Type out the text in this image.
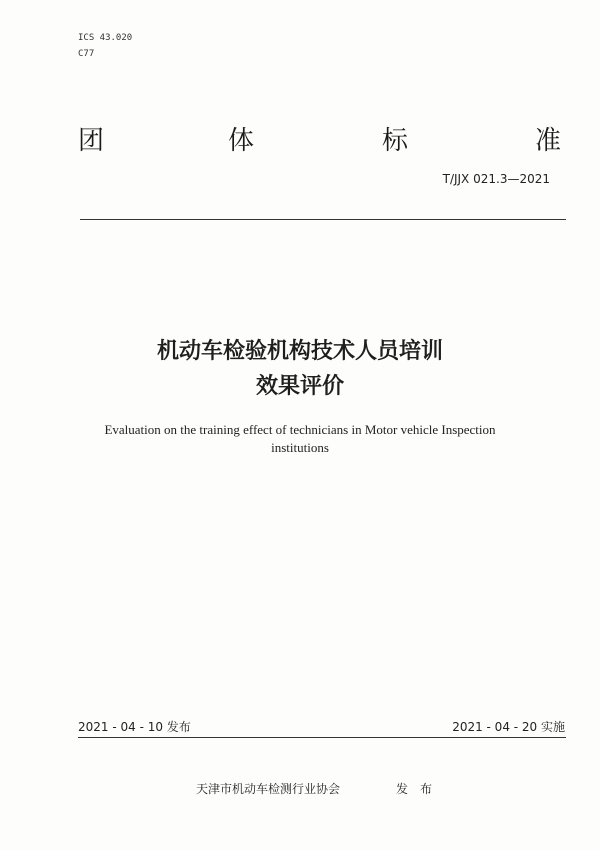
ICS 43.020
C77
团	体	标	准
T/JJX 021.3—2021
机动车检验机构技术人员培训
效果评价
Evaluation on the training effect of technicians in Motor vehicle Inspection
institutions
2021 - 04 - 10 发布	2021 - 04 - 20 实施
天津市机动车检测行业协会	发布
